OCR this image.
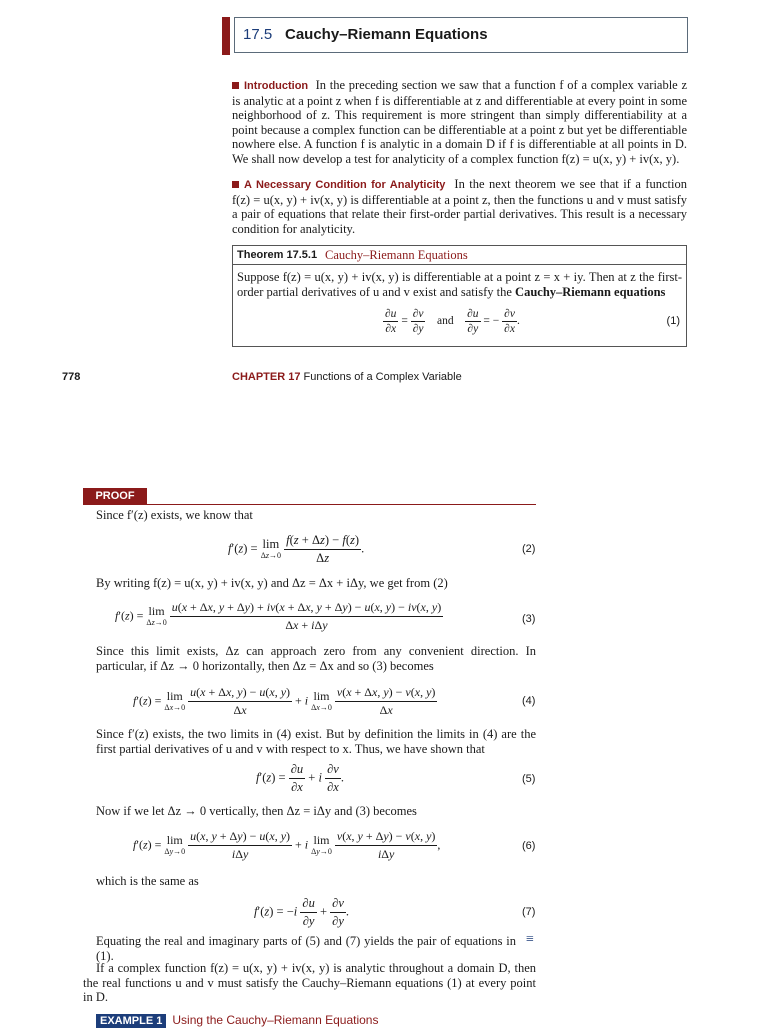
17.5 Cauchy–Riemann Equations
Introduction In the preceding section we saw that a function f of a complex variable z is analytic at a point z when f is differentiable at z and differentiable at every point in some neighborhood of z. This requirement is more stringent than simply differentiability at a point because a complex function can be differentiable at a point z but yet be differentiable nowhere else. A function f is analytic in a domain D if f is differentiable at all points in D. We shall now develop a test for analyticity of a complex function f(z) = u(x, y) + iv(x, y).
A Necessary Condition for Analyticity In the next theorem we see that if a function f(z) = u(x, y) + iv(x, y) is differentiable at a point z, then the functions u and v must satisfy a pair of equations that relate their first-order partial derivatives. This result is a necessary condition for analyticity.
Theorem 17.5.1 Cauchy–Riemann Equations
Suppose f(z) = u(x, y) + iv(x, y) is differentiable at a point z = x + iy. Then at z the first-order partial derivatives of u and v exist and satisfy the Cauchy–Riemann equations
$\frac{\partial u}{\partial x} = \frac{\partial v}{\partial y}$ and $\frac{\partial u}{\partial y}$ = − $\frac{\partial v}{\partial x}$ .	(1)
778	CHAPTER 17 Functions of a Complex Variable
PROOF
Since f′(z) exists, we know that
f′(z) = lim
Δz→0
$\frac{f(z + \Delta z) - f(z)}{\Delta z}$ .	(2)
By writing f(z) = u(x, y) + iv(x, y) and Δz = Δx + iΔy, we get from (2)
f′(z) = lim
Δz→0
$\frac{u(x + \Delta x, y + \Delta y) + iv(x + \Delta x, y + \Delta y) - u(x, y) - iv(x, y)}{\text{Δx + iΔy}}$	(3)
Since this limit exists, Δz can approach zero from any convenient direction. In particular, if Δz → 0 horizontally, then Δz = Δx and so (3) becomes
f′(z) = lim
Δx→0
$\frac{u(x + \Delta x, y) - u(x, y)}{\Delta x} + i$ lim
Δx→0
$\frac{v(x + \Delta x, y) - v(x, y)}{\Delta x}$	(4)
Since f′(z) exists, the two limits in (4) exist. But by definition the limits in (4) are the first partial derivatives of u and v with respect to x. Thus, we have shown that
$f'(z) = \frac{\partial u}{\partial x} + i \frac{\partial v}{\partial x}$ .	(5)
Now if we let Δz → 0 vertically, then Δz = iΔy and (3) becomes
f′(z) = lim
Δy→0
$\frac{u(x, y + \Delta y) - u(x, y)}{\text{iΔy}} + i$ lim
Δy→0
$\frac{v(x, y + \Delta y) - v(x, y)}{\text{iΔy}}$ ,	(6)
which is the same as
$f'(z) = -i \frac{\partial u}{\partial y} + \frac{\partial v}{\partial y}$ .	(7)
Equating the real and imaginary parts of (5) and (7) yields the pair of equations in (1).
≡
If a complex function f(z) = u(x, y) + iv(x, y) is analytic throughout a domain D, then the real functions u and v must satisfy the Cauchy–Riemann equations (1) at every point in D.
EXAMPLE 1 Using the Cauchy–Riemann Equations
